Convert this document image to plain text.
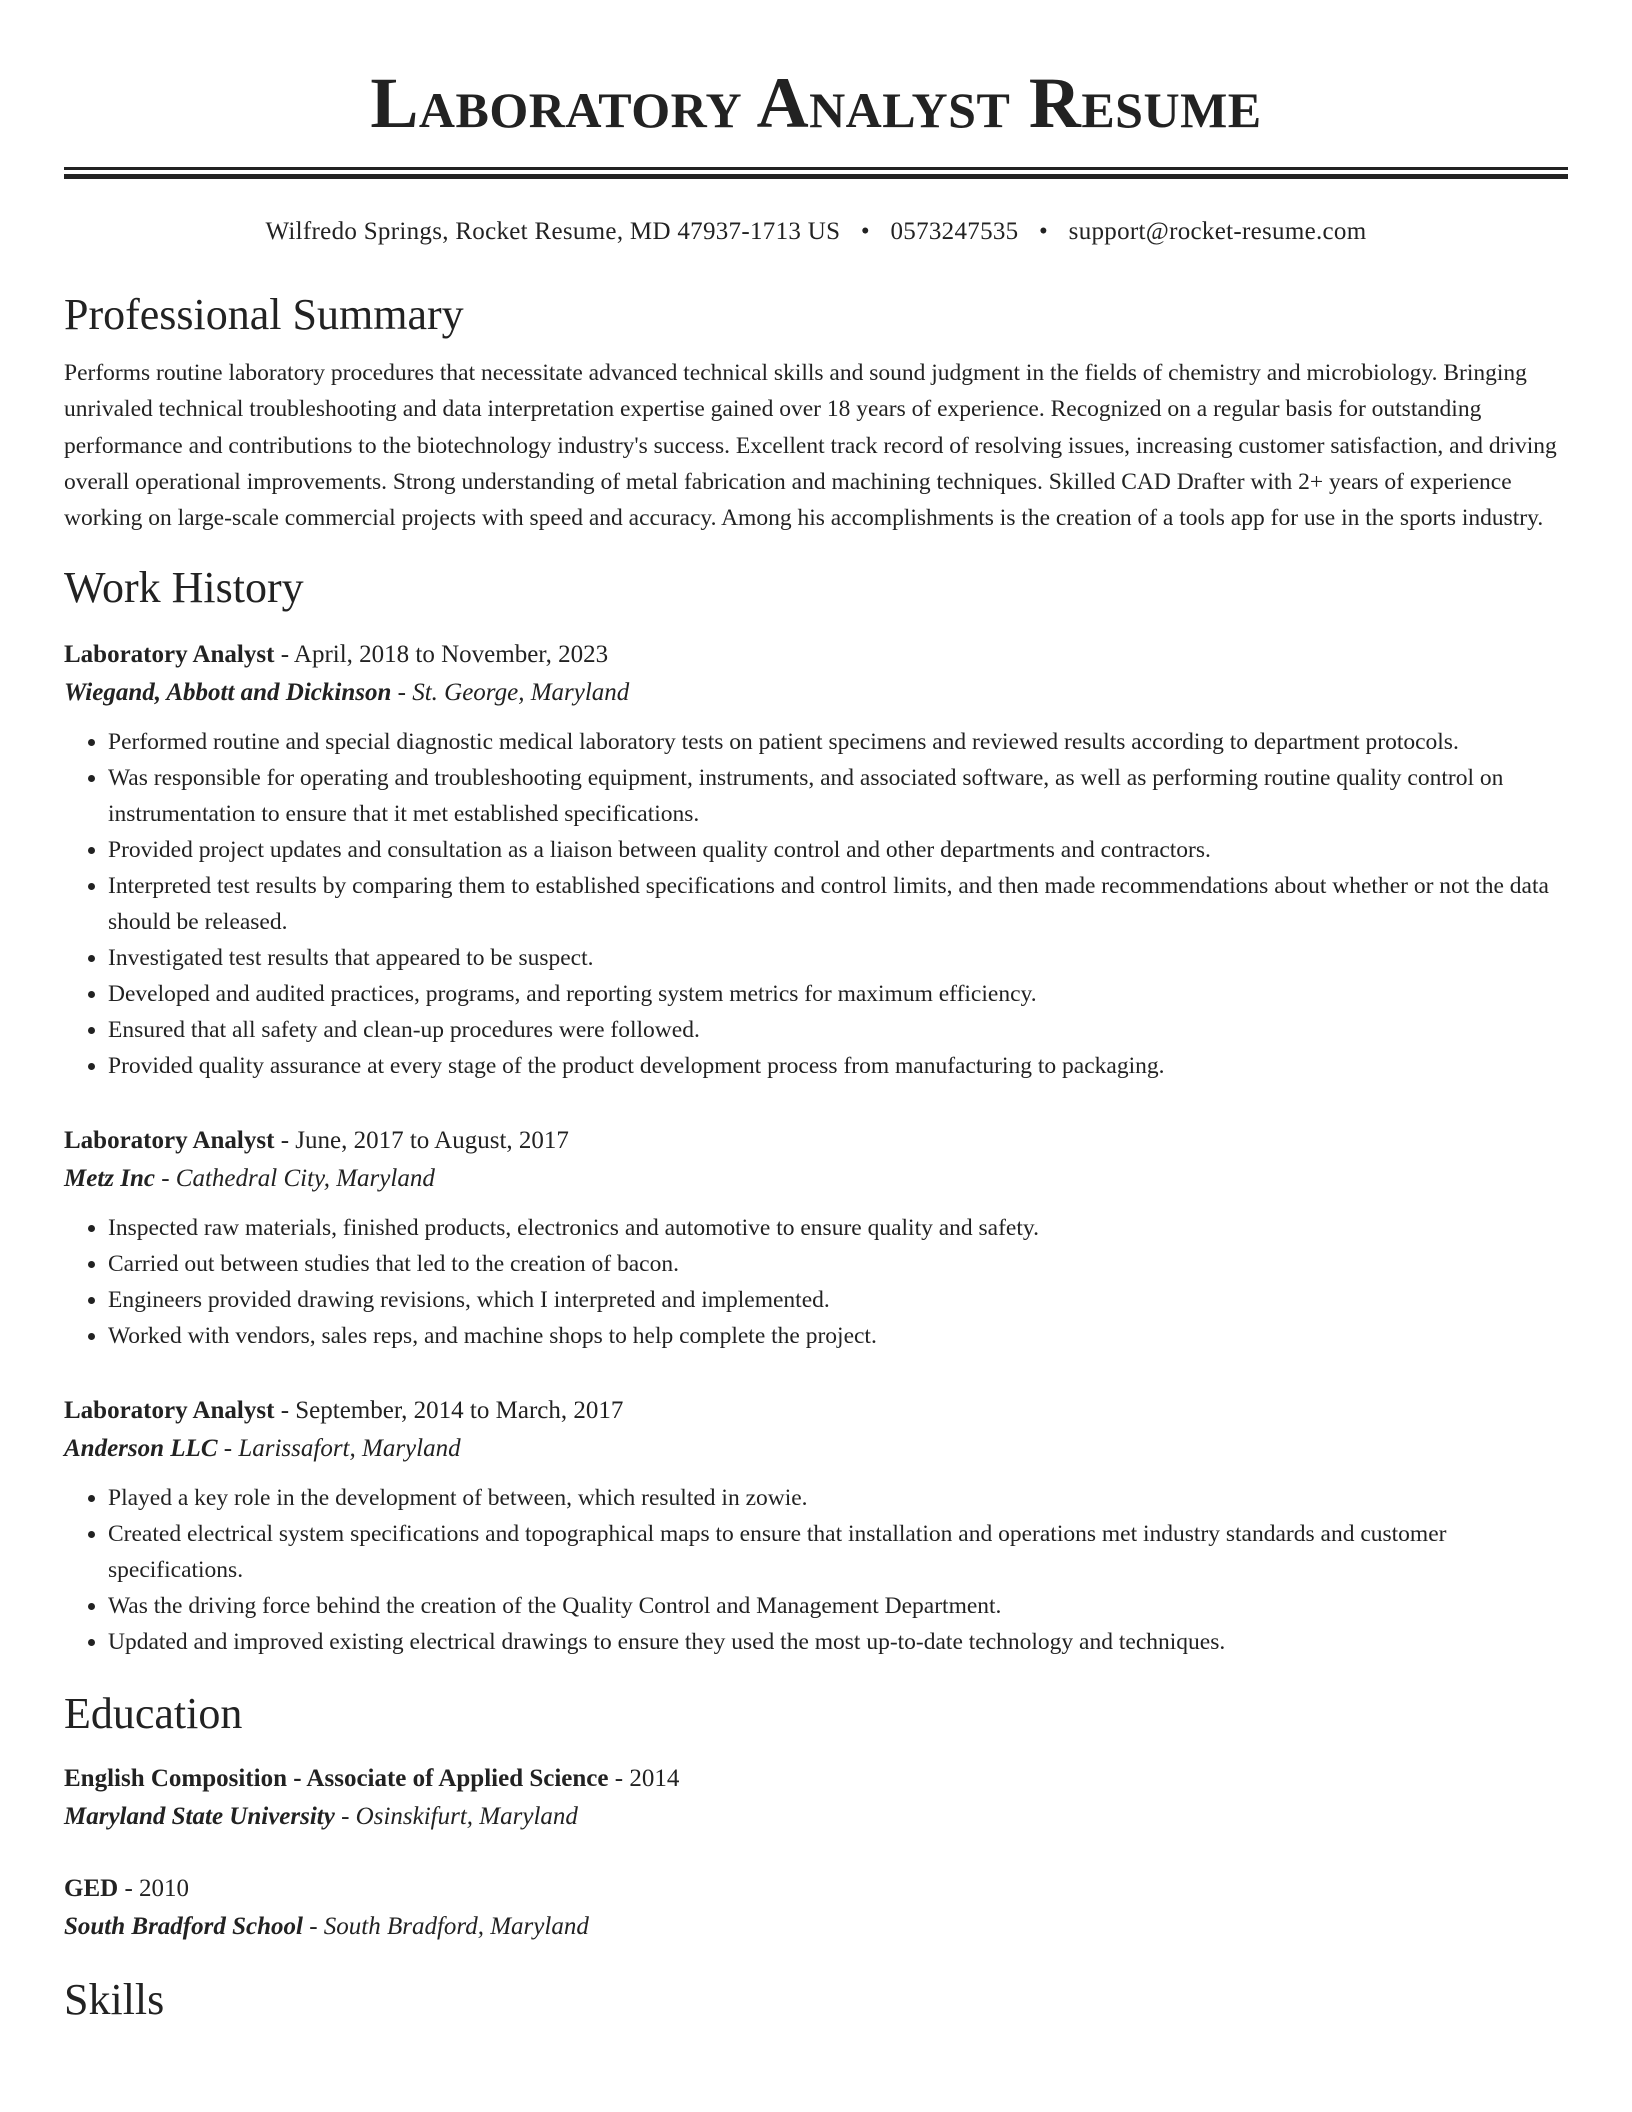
Laboratory Analyst Resume
Wilfredo Springs, Rocket Resume, MD 47937-1713 US • 0573247535 • support@rocket-resume.com
Professional Summary

Performs routine laboratory procedures that necessitate advanced technical skills and sound judgment in the fields of chemistry and microbiology. Bringing unrivaled technical troubleshooting and data interpretation expertise gained over 18 years of experience. Recognized on a regular basis for outstanding performance and contributions to the biotechnology industry's success. Excellent track record of resolving issues, increasing customer satisfaction, and driving overall operational improvements. Strong understanding of metal fabrication and machining techniques. Skilled CAD Drafter with 2+ years of experience working on large-scale commercial projects with speed and accuracy. Among his accomplishments is the creation of a tools app for use in the sports industry.

Work History
Laboratory Analyst - April, 2018 to November, 2023
Wiegand, Abbott and Dickinson - St. George, Maryland
• Performed routine and special diagnostic medical laboratory tests on patient specimens and reviewed results according to department protocols.
• Was responsible for operating and troubleshooting equipment, instruments, and associated software, as well as performing routine quality control on instrumentation to ensure that it met established specifications.
• Provided project updates and consultation as a liaison between quality control and other departments and contractors.
• Interpreted test results by comparing them to established specifications and control limits, and then made recommendations about whether or not the data should be released.
• Investigated test results that appeared to be suspect.
• Developed and audited practices, programs, and reporting system metrics for maximum efficiency.
• Ensured that all safety and clean-up procedures were followed.
• Provided quality assurance at every stage of the product development process from manufacturing to packaging.
Laboratory Analyst - June, 2017 to August, 2017
Metz Inc - Cathedral City, Maryland
• Inspected raw materials, finished products, electronics and automotive to ensure quality and safety.
• Carried out between studies that led to the creation of bacon.
• Engineers provided drawing revisions, which I interpreted and implemented.
• Worked with vendors, sales reps, and machine shops to help complete the project.
Laboratory Analyst - September, 2014 to March, 2017
Anderson LLC - Larissafort, Maryland
• Played a key role in the development of between, which resulted in zowie.
• Created electrical system specifications and topographical maps to ensure that installation and operations met industry standards and customer specifications.
• Was the driving force behind the creation of the Quality Control and Management Department.
• Updated and improved existing electrical drawings to ensure they used the most up-to-date technology and techniques.
Education
English Composition - Associate of Applied Science - 2014
Maryland State University - Osinskifurt, Maryland
GED - 2010
South Bradford School - South Bradford, Maryland
Skills
